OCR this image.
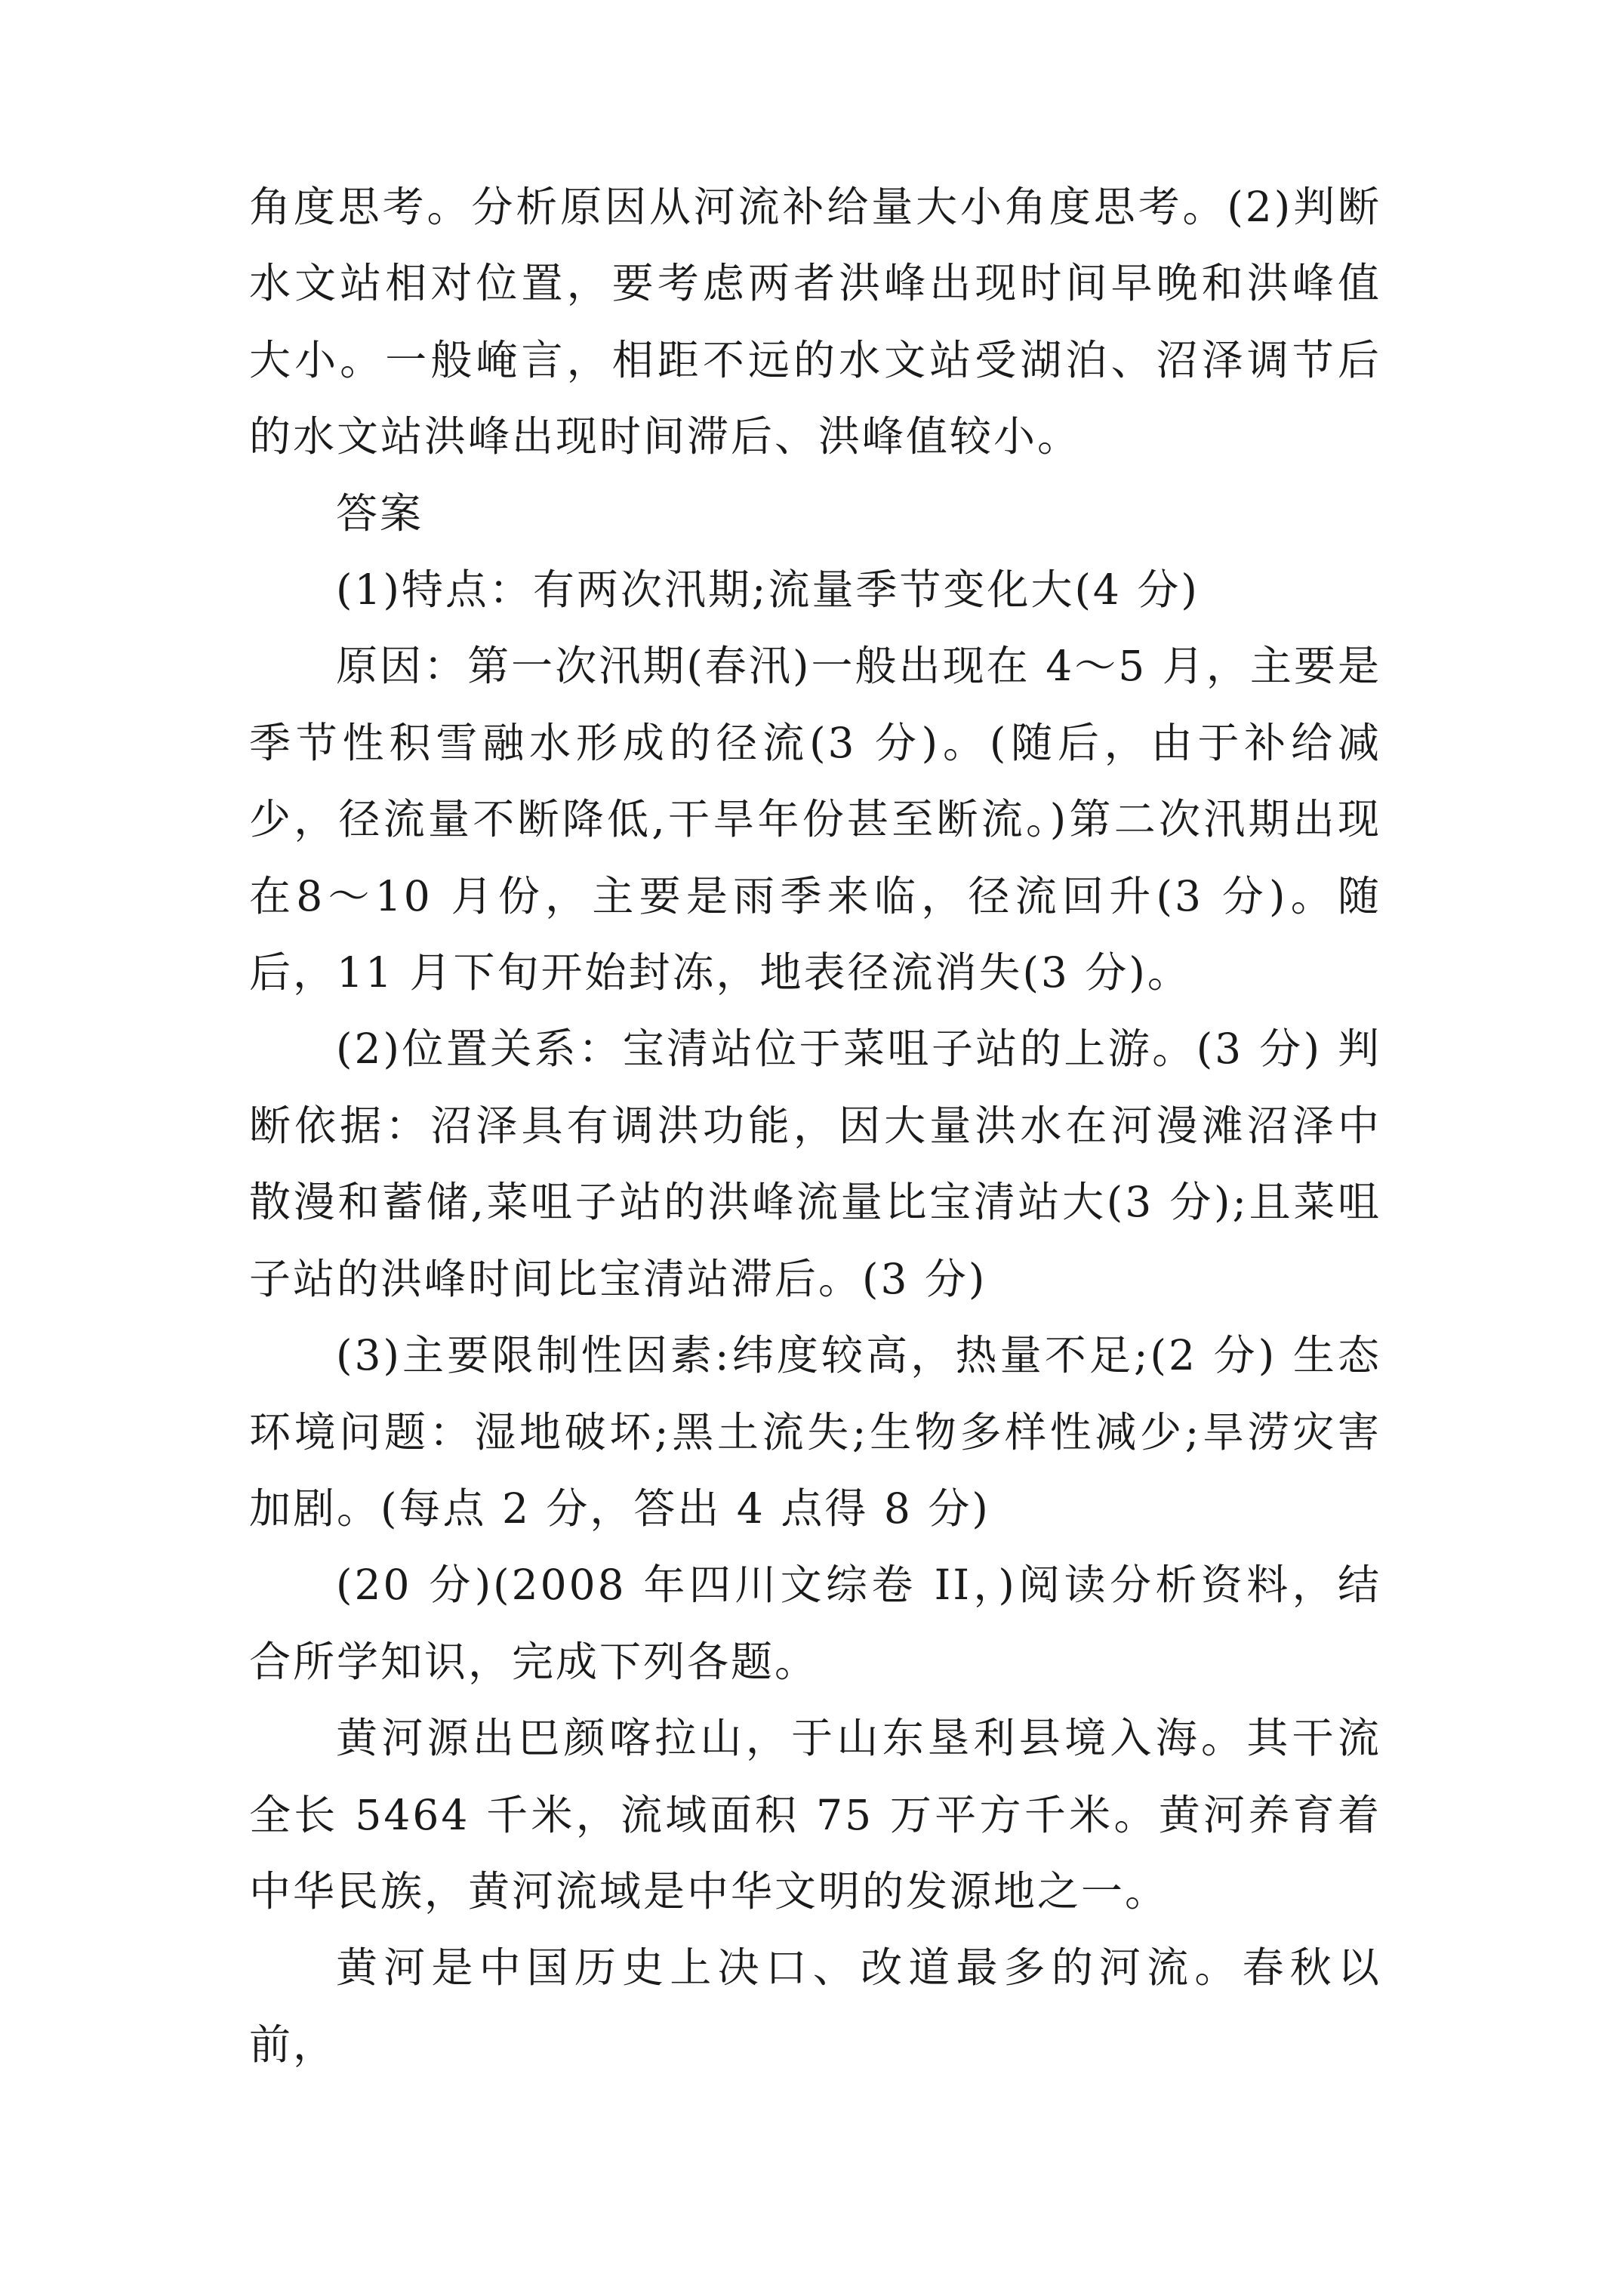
角度思考。分析原因从河流补给量大小角度思考。(2)判断水文站相对位置，要考虑两者洪峰出现时间早晚和洪峰值大小。一般崦言，相距不远的水文站受湖泊、沼泽调节后的水文站洪峰出现时间滞后、洪峰值较小。

答案

(1)特点：有两次汛期;流量季节变化大(4 分)

原因：第一次汛期(春汛)一般出现在 4～5 月，主要是季节性积雪融水形成的径流(3 分)。(随后，由于补给减少，径流量不断降低,干旱年份甚至断流。)第二次汛期出现在8～10 月份，主要是雨季来临，径流回升(3 分)。随后，11 月下旬开始封冻，地表径流消失(3 分)。

(2)位置关系：宝清站位于菜咀子站的上游。(3 分) 判断依据：沼泽具有调洪功能，因大量洪水在河漫滩沼泽中散漫和蓄储,菜咀子站的洪峰流量比宝清站大(3 分);且菜咀子站的洪峰时间比宝清站滞后。(3 分)

(3)主要限制性因素:纬度较高，热量不足;(2 分) 生态环境问题：湿地破坏;黑土流失;生物多样性减少;旱涝灾害加剧。(每点 2 分，答出 4 点得 8 分)

(20 分)(2008 年四川文综卷 II，)阅读分析资料，结合所学知识，完成下列各题。

黄河源出巴颜喀拉山，于山东垦利县境入海。其干流全长 5464 千米，流域面积 75 万平方千米。黄河养育着中华民族，黄河流域是中华文明的发源地之一。

黄河是中国历史上决口、改道最多的河流。春秋以前，
